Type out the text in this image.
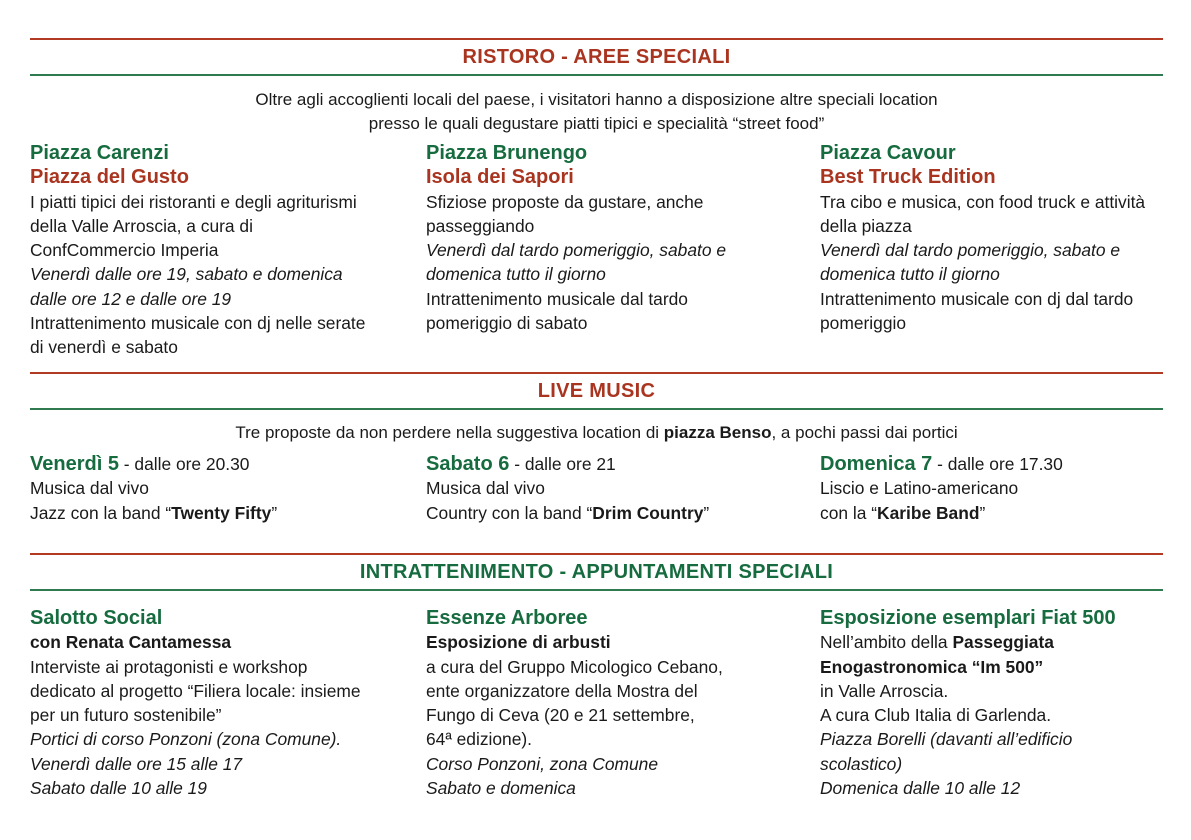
RISTORO - AREE SPECIALI
Oltre agli accoglienti locali del paese, i visitatori hanno a disposizione altre speciali location
presso le quali degustare piatti tipici e specialità “street food”
Piazza Carenzi
Piazza del Gusto
I piatti tipici dei ristoranti e degli agriturismi della Valle Arroscia, a cura di ConfCommercio Imperia
Venerdì dalle ore 19, sabato e domenica dalle ore 12 e dalle ore 19
Intrattenimento musicale con dj nelle serate di venerdì e sabato
Piazza Brunengo
Isola dei Sapori
Sfiziose proposte da gustare, anche passeggiando
Venerdì dal tardo pomeriggio, sabato e domenica tutto il giorno
Intrattenimento musicale dal tardo pomeriggio di sabato
Piazza Cavour
Best Truck Edition
Tra cibo e musica, con food truck e attività della piazza
Venerdì dal tardo pomeriggio, sabato e domenica tutto il giorno
Intrattenimento musicale con dj dal tardo pomeriggio
LIVE MUSIC
Tre proposte da non perdere nella suggestiva location di piazza Benso, a pochi passi dai portici
Venerdì 5 - dalle ore 20.30
Musica dal vivo
Jazz con la band “Twenty Fifty”
Sabato 6 - dalle ore 21
Musica dal vivo
Country con la band “Drim Country”
Domenica 7 - dalle ore 17.30
Liscio e Latino-americano
con la “Karibe Band”
INTRATTENIMENTO - APPUNTAMENTI SPECIALI
Salotto Social
con Renata Cantamessa
Interviste ai protagonisti e workshop dedicato al progetto “Filiera locale: insieme per un futuro sostenibile”
Portici di corso Ponzoni (zona Comune).
Venerdì dalle ore 15 alle 17
Sabato dalle 10 alle 19
Essenze Arboree
Esposizione di arbusti
a cura del Gruppo Micologico Cebano,
ente organizzatore della Mostra del
Fungo di Ceva (20 e 21 settembre,
64ª edizione).
Corso Ponzoni, zona Comune
Sabato e domenica
Esposizione esemplari Fiat 500
Nell’ambito della Passeggiata
Enogastronomica “Im 500”
in Valle Arroscia.
A cura Club Italia di Garlenda.
Piazza Borelli (davanti all’edificio
scolastico)
Domenica dalle 10 alle 12
